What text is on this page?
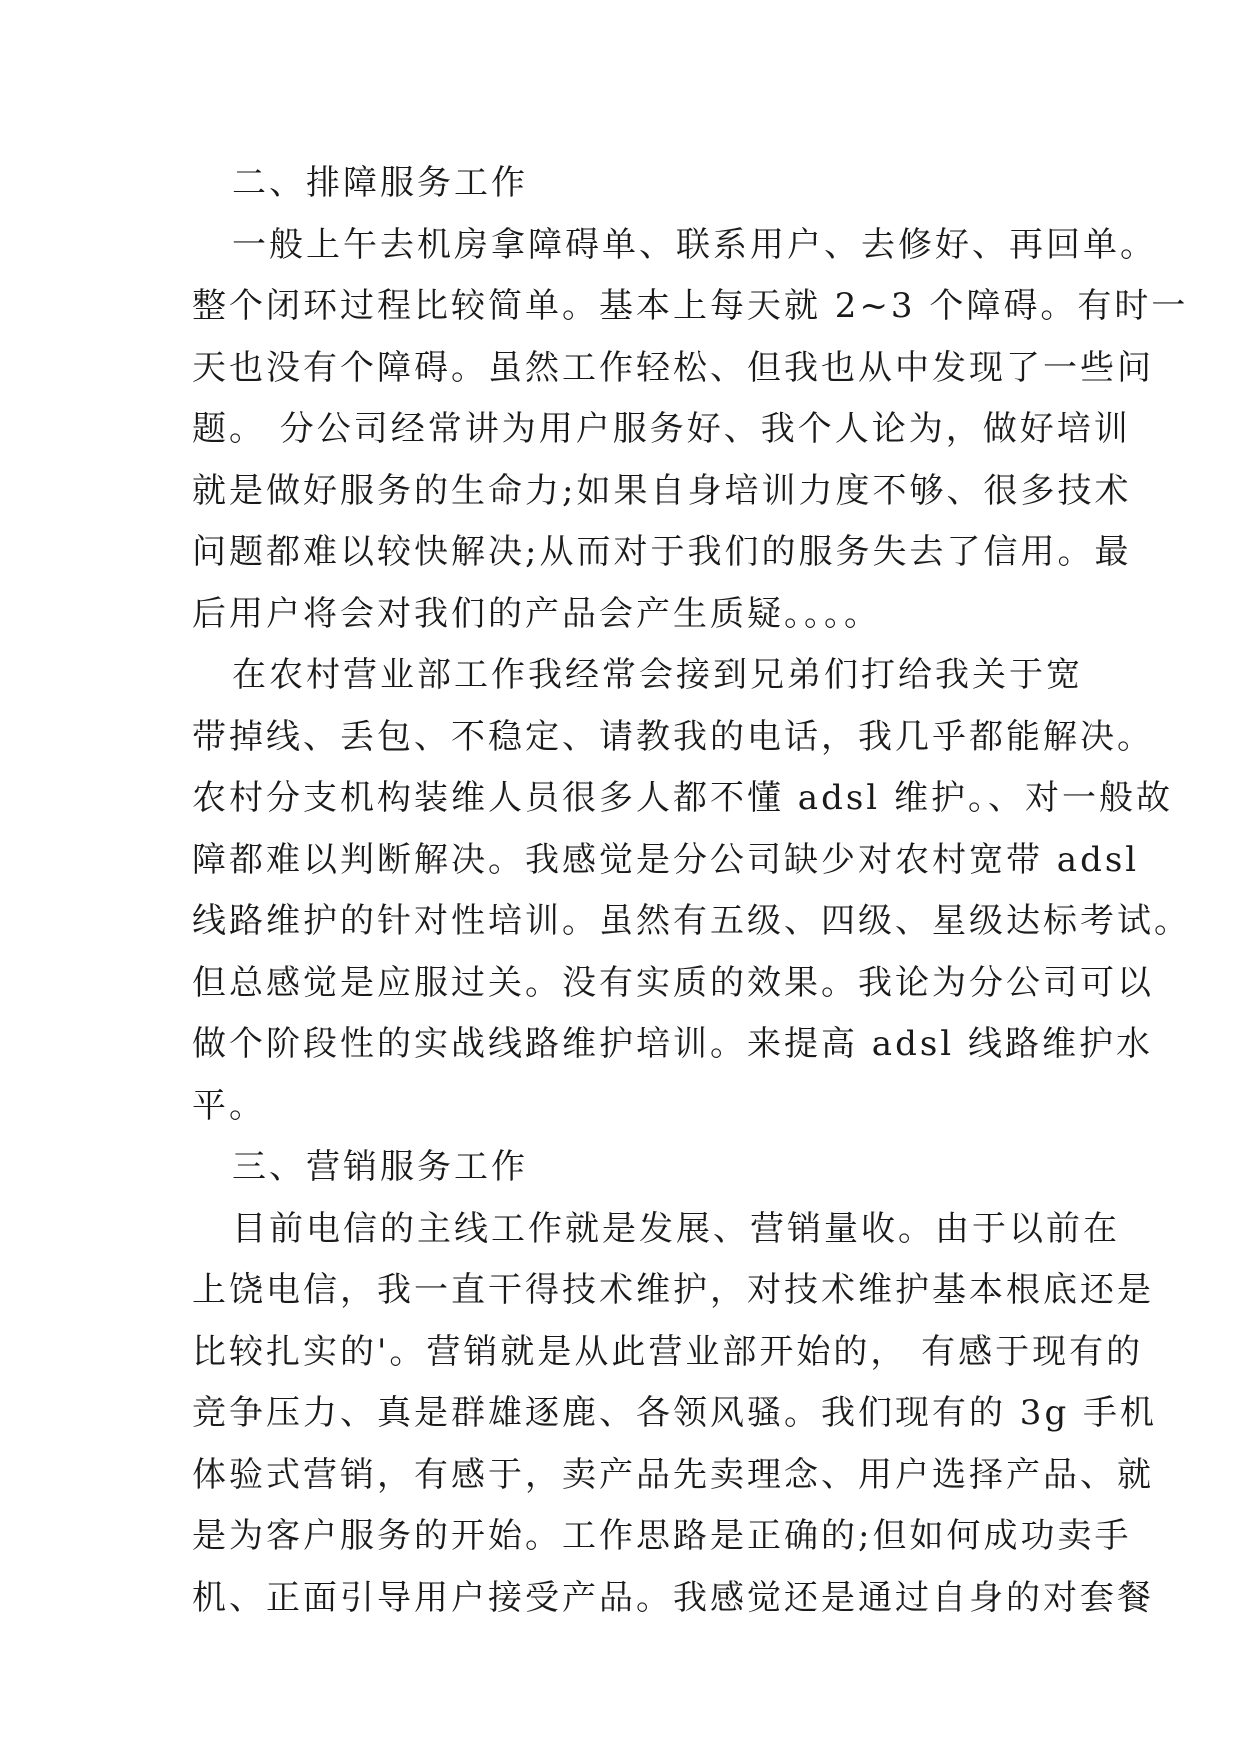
二、排障服务工作
一般上午去机房拿障碍单、联系用户、去修好、再回单。
整个闭环过程比较简单。基本上每天就 2~3 个障碍。有时一
天也没有个障碍。虽然工作轻松、但我也从中发现了一些问
题。 分公司经常讲为用户服务好、我个人论为，做好培训
就是做好服务的生命力;如果自身培训力度不够、很多技术
问题都难以较快解决;从而对于我们的服务失去了信用。最
后用户将会对我们的产品会产生质疑。。。。
在农村营业部工作我经常会接到兄弟们打给我关于宽
带掉线、丢包、不稳定、请教我的电话，我几乎都能解决。
农村分支机构装维人员很多人都不懂 adsl 维护。、对一般故
障都难以判断解决。我感觉是分公司缺少对农村宽带 adsl
线路维护的针对性培训。虽然有五级、四级、星级达标考试。
但总感觉是应服过关。没有实质的效果。我论为分公司可以
做个阶段性的实战线路维护培训。来提高 adsl 线路维护水
平。
三、营销服务工作
目前电信的主线工作就是发展、营销量收。由于以前在
上饶电信，我一直干得技术维护，对技术维护基本根底还是
比较扎实的'。营销就是从此营业部开始的， 有感于现有的
竞争压力、真是群雄逐鹿、各领风骚。我们现有的 3g 手机
体验式营销，有感于，卖产品先卖理念、用户选择产品、就
是为客户服务的开始。工作思路是正确的;但如何成功卖手
机、正面引导用户接受产品。我感觉还是通过自身的对套餐
